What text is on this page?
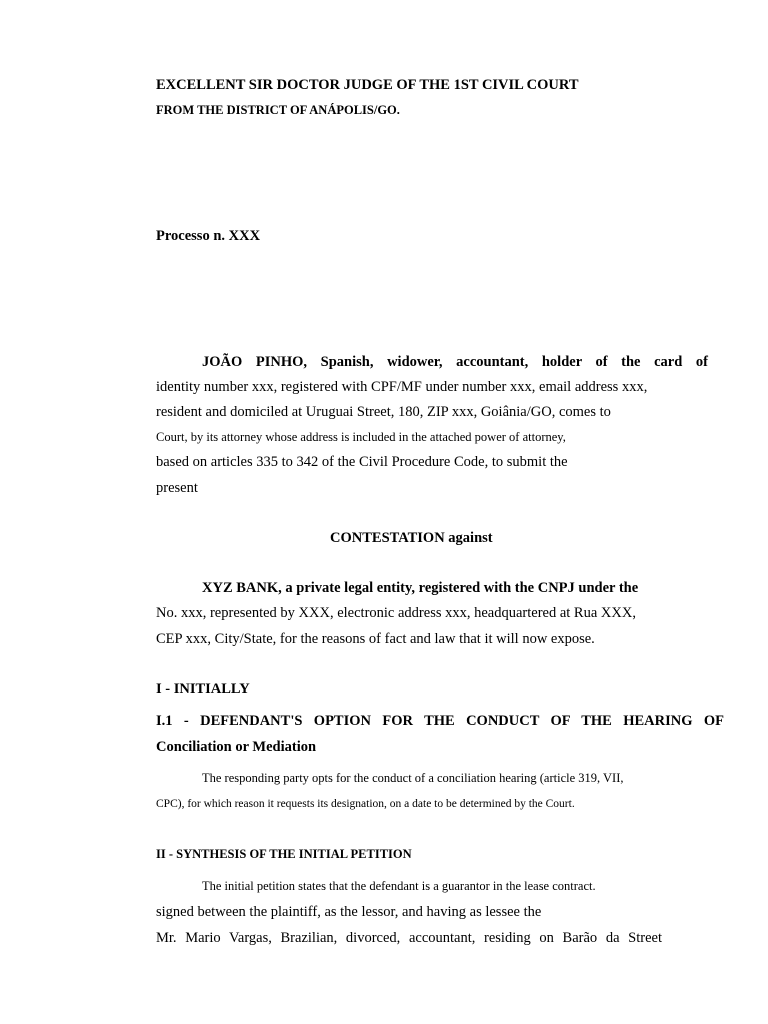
EXCELLENT SIR DOCTOR JUDGE OF THE 1ST CIVIL COURT
FROM THE DISTRICT OF ANÁPOLIS/GO.
Processo n. XXX
JOÃO PINHO, Spanish, widower, accountant, holder of the card of
identity number xxx, registered with CPF/MF under number xxx, email address xxx,
resident and domiciled at Uruguai Street, 180, ZIP xxx, Goiânia/GO, comes to
Court, by its attorney whose address is included in the attached power of attorney,
based on articles 335 to 342 of the Civil Procedure Code, to submit the
present
CONTESTATION against
XYZ BANK, a private legal entity, registered with the CNPJ under the
No. xxx, represented by XXX, electronic address xxx, headquartered at Rua XXX,
CEP xxx, City/State, for the reasons of fact and law that it will now expose.
I - INITIALLY
I.1 - DEFENDANT'S OPTION FOR THE CONDUCT OF THE HEARING OF
Conciliation or Mediation
The responding party opts for the conduct of a conciliation hearing (article 319, VII,
CPC), for which reason it requests its designation, on a date to be determined by the Court.
II - SYNTHESIS OF THE INITIAL PETITION
The initial petition states that the defendant is a guarantor in the lease contract.
signed between the plaintiff, as the lessor, and having as lessee the
Mr. Mario Vargas, Brazilian, divorced, accountant, residing on Barão da Street
